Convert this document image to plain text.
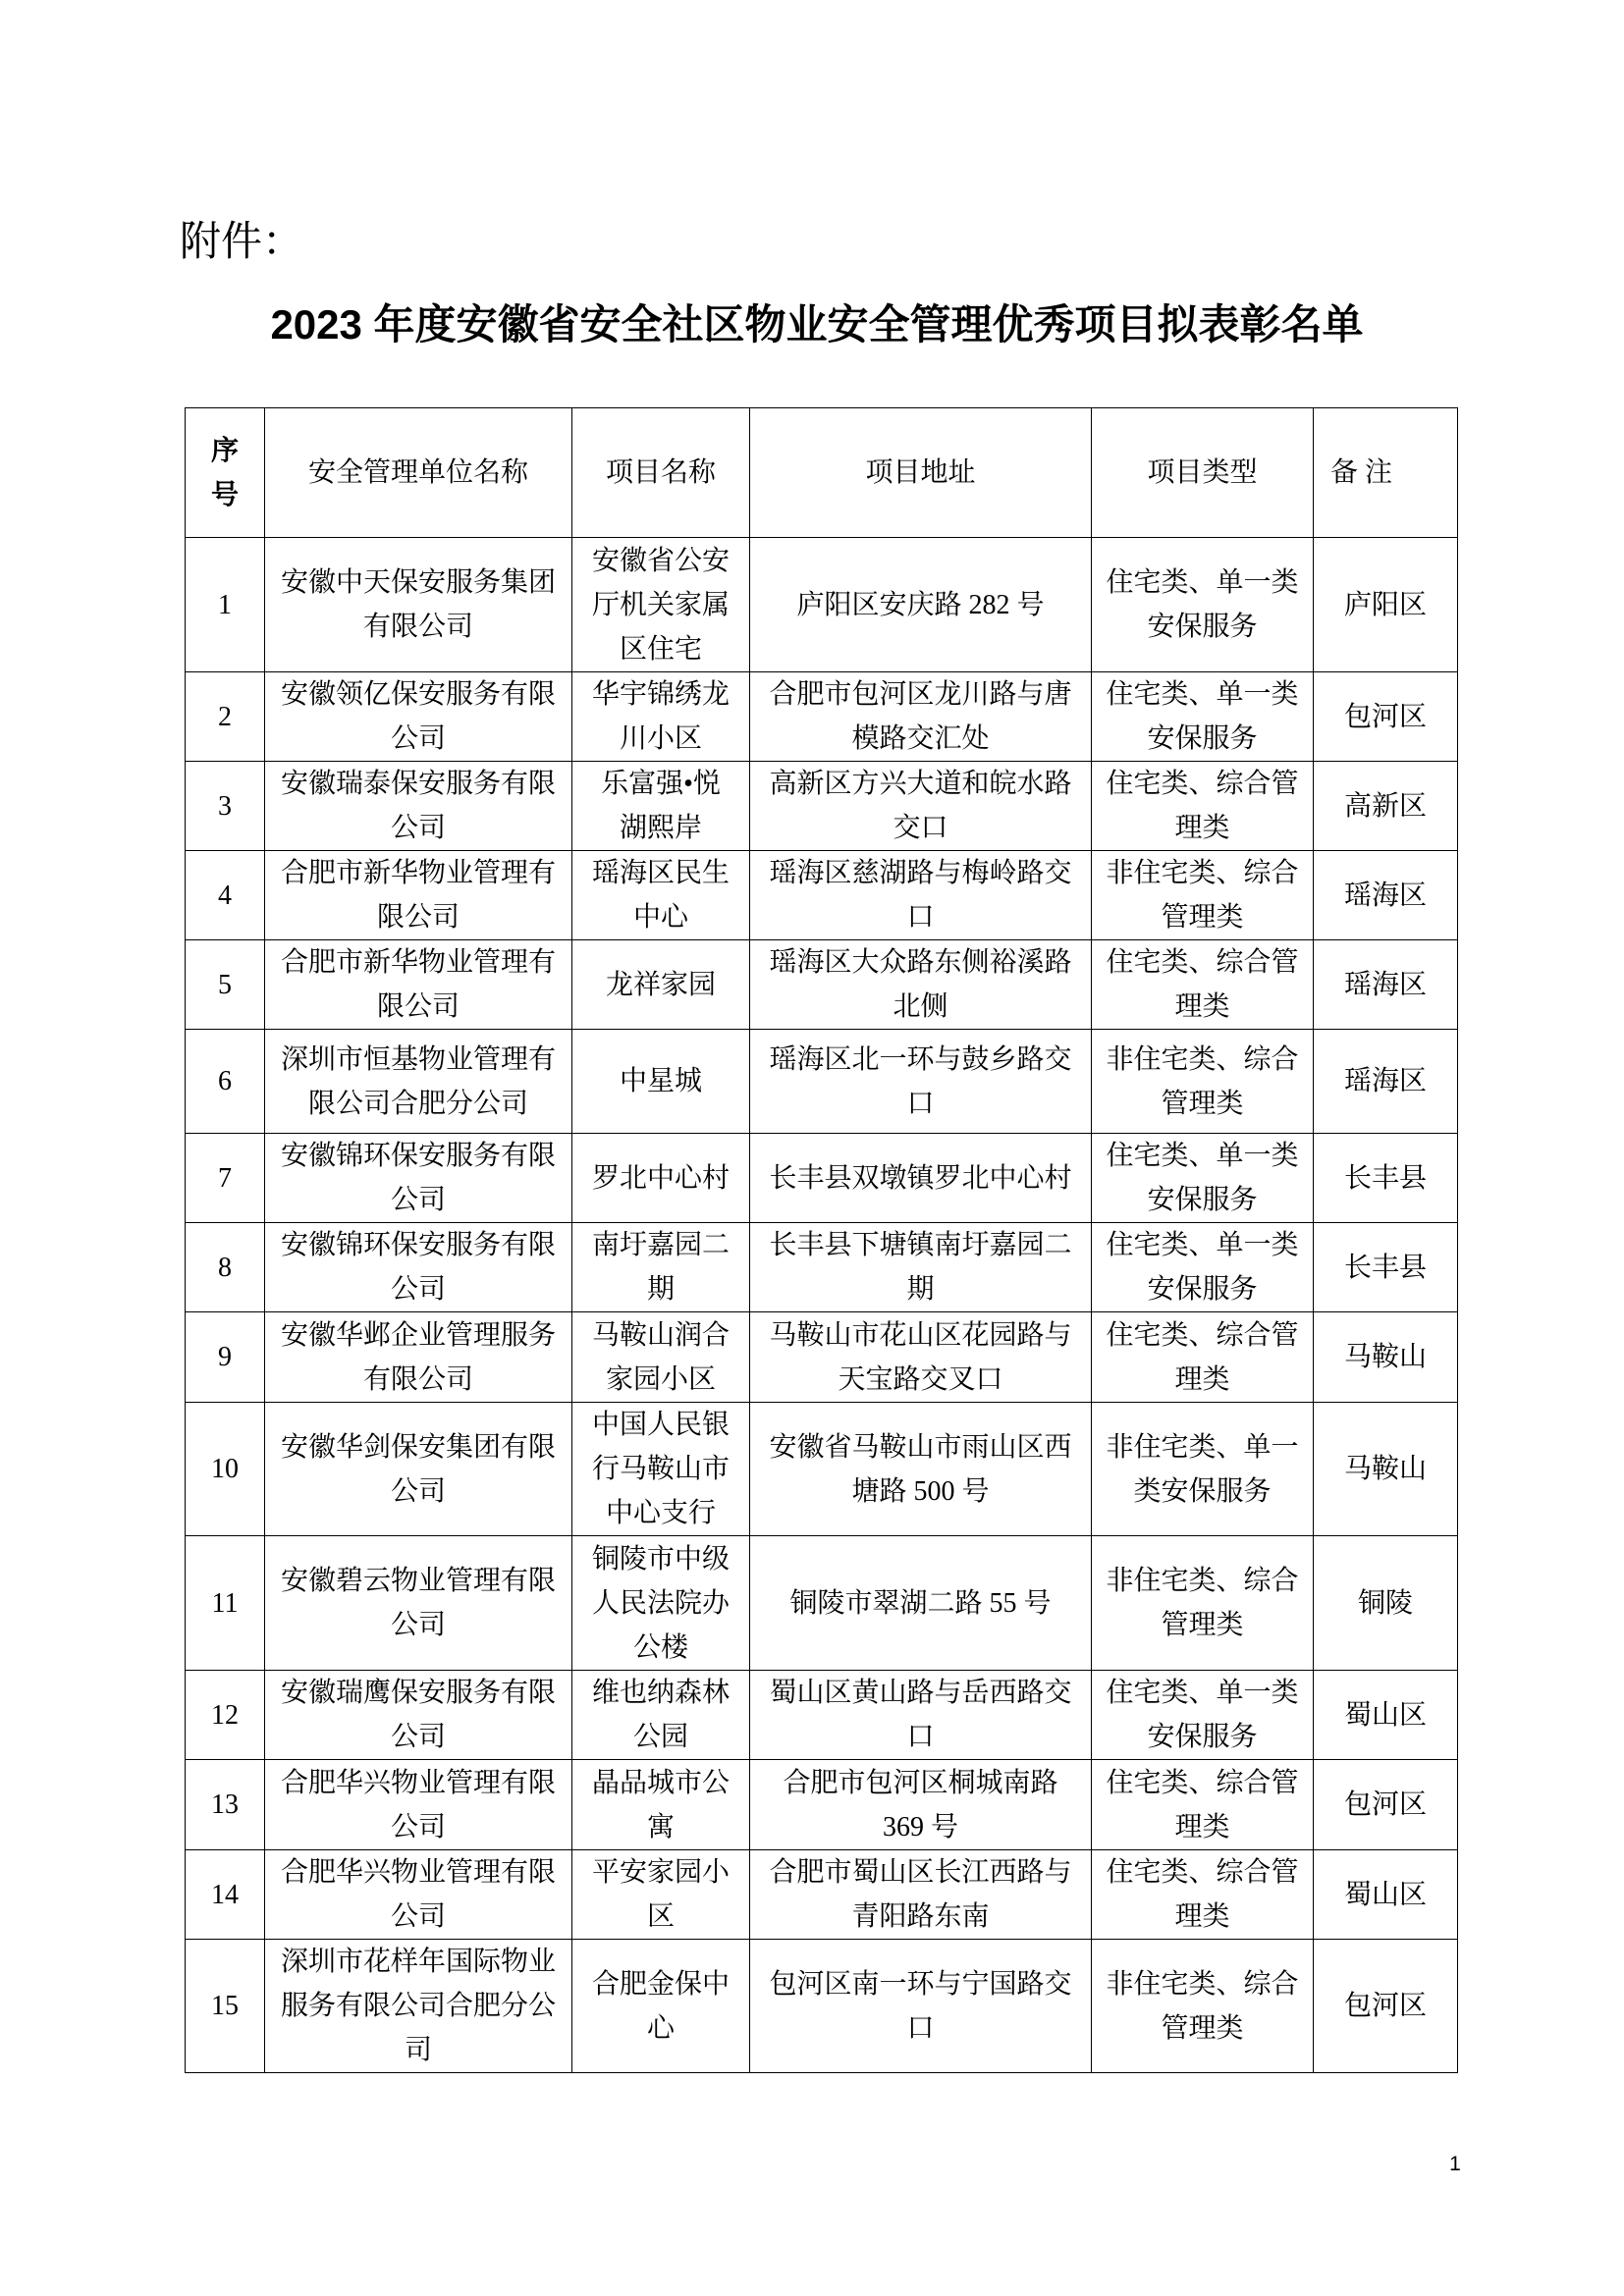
附件：
2023 年度安徽省安全社区物业安全管理优秀项目拟表彰名单
序
号	安全管理单位名称	项目名称	项目地址	项目类型	备 注
1	安徽中天保安服务集团
有限公司	安徽省公安
厅机关家属
区住宅	庐阳区安庆路 282 号	住宅类、单一类
安保服务	庐阳区
2	安徽领亿保安服务有限
公司	华宇锦绣龙
川小区	合肥市包河区龙川路与唐
模路交汇处	住宅类、单一类
安保服务	包河区
3	安徽瑞泰保安服务有限
公司	乐富强•悦
湖熙岸	高新区方兴大道和皖水路
交口	住宅类、综合管
理类	高新区
4	合肥市新华物业管理有
限公司	瑶海区民生
中心	瑶海区慈湖路与梅岭路交
口	非住宅类、综合
管理类	瑶海区
5	合肥市新华物业管理有
限公司	龙祥家园	瑶海区大众路东侧裕溪路
北侧	住宅类、综合管
理类	瑶海区
6	深圳市恒基物业管理有
限公司合肥分公司	中星城	瑶海区北一环与鼓乡路交
口	非住宅类、综合
管理类	瑶海区
7	安徽锦环保安服务有限
公司	罗北中心村	长丰县双墩镇罗北中心村	住宅类、单一类
安保服务	长丰县
8	安徽锦环保安服务有限
公司	南圩嘉园二
期	长丰县下塘镇南圩嘉园二
期	住宅类、单一类
安保服务	长丰县
9	安徽华邺企业管理服务
有限公司	马鞍山润合
家园小区	马鞍山市花山区花园路与
天宝路交叉口	住宅类、综合管
理类	马鞍山
10	安徽华剑保安集团有限
公司	中国人民银
行马鞍山市
中心支行	安徽省马鞍山市雨山区西
塘路 500 号	非住宅类、单一
类安保服务	马鞍山
11	安徽碧云物业管理有限
公司	铜陵市中级
人民法院办
公楼	铜陵市翠湖二路 55 号	非住宅类、综合
管理类	铜陵
12	安徽瑞鹰保安服务有限
公司	维也纳森林
公园	蜀山区黄山路与岳西路交
口	住宅类、单一类
安保服务	蜀山区
13	合肥华兴物业管理有限
公司	晶品城市公
寓	合肥市包河区桐城南路
369 号	住宅类、综合管
理类	包河区
14	合肥华兴物业管理有限
公司	平安家园小
区	合肥市蜀山区长江西路与
青阳路东南	住宅类、综合管
理类	蜀山区
15	深圳市花样年国际物业
服务有限公司合肥分公
司	合肥金保中
心	包河区南一环与宁国路交
口	非住宅类、综合
管理类	包河区
1
